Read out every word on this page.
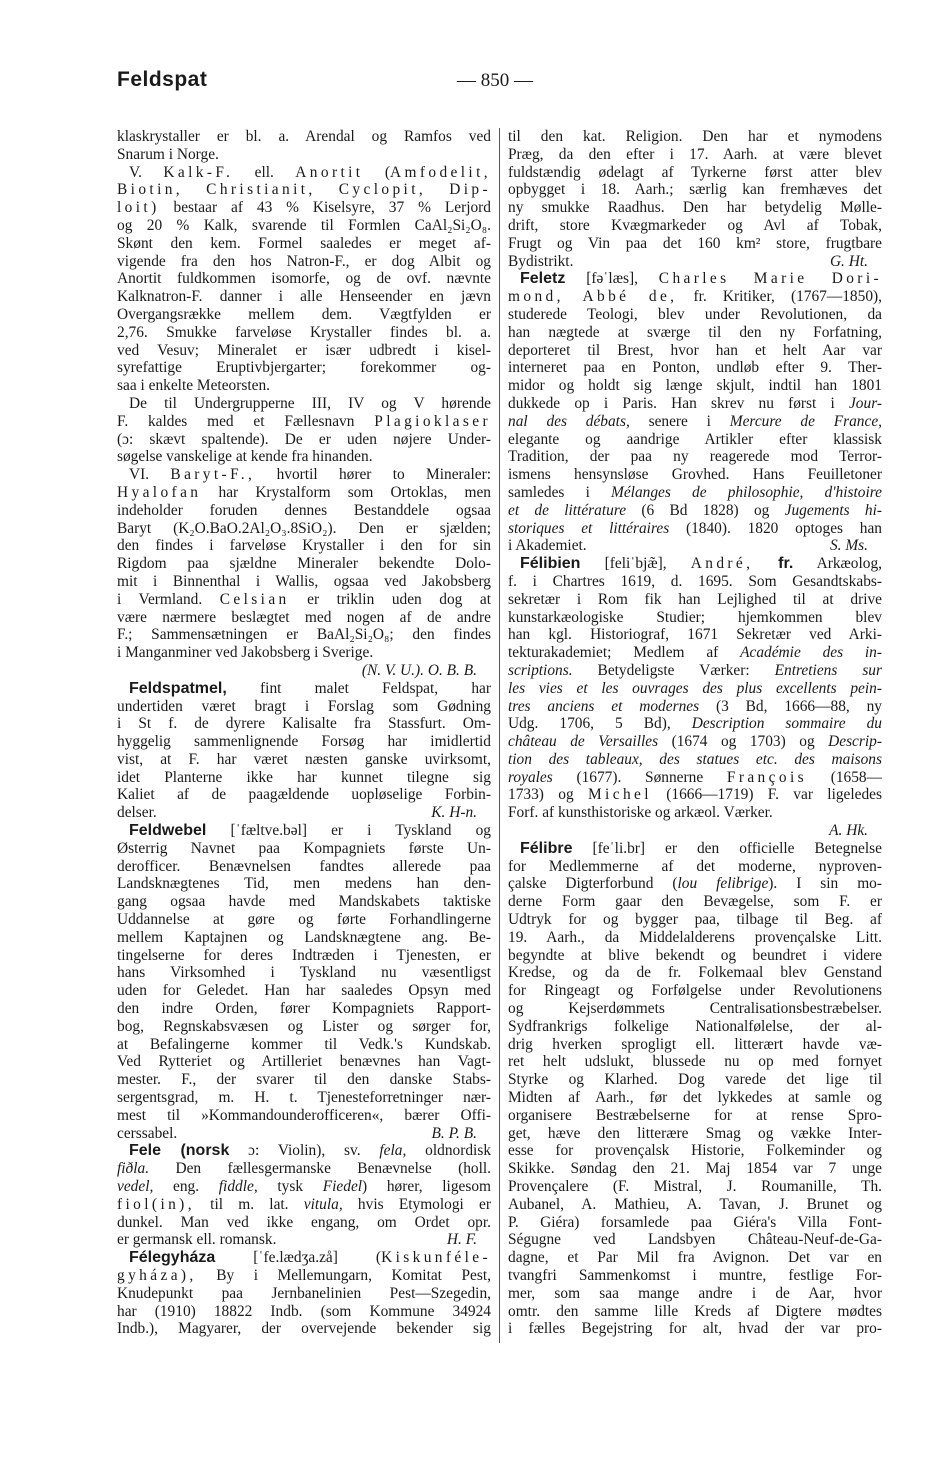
Feldspat	— 850 —
klaskrystaller er bl. a. Arendal og Ramfos ved
Snarum i Norge.
V. Kalk-F. ell. Anortit (Amfodelit,
Biotin, Christianit, Cyclopit, Dip-
loit) bestaar af 43 % Kiselsyre, 37 % Lerjord
og 20 % Kalk, svarende til Formlen CaAl₂Si₂O₈.
Skønt den kem. Formel saaledes er meget af-
vigende fra den hos Natron-F., er dog Albit og
Anortit fuldkommen isomorfe, og de ovf. nævnte
Kalknatron-F. danner i alle Henseender en jævn
Overgangsrække mellem dem. Vægtfylden er
2,76. Smukke farveløse Krystaller findes bl. a.
ved Vesuv; Mineralet er især udbredt i kisel-
syrefattige Eruptivbjergarter; forekommer og-
saa i enkelte Meteorsten.
De til Undergrupperne III, IV og V hørende
F. kaldes med et Fællesnavn Plagioklaser
(ɔ: skævt spaltende). De er uden nøjere Under-
søgelse vanskelige at kende fra hinanden.
VI. Baryt-F., hvortil hører to Mineraler:
Hyalofan har Krystalform som Ortoklas, men
indeholder foruden dennes Bestanddele ogsaa
Baryt (K₂O.BaO.2Al₂O₃.8SiO₂). Den er sjælden;
den findes i farveløse Krystaller i den for sin
Rigdom paa sjældne Mineraler bekendte Dolo-
mit i Binnenthal i Wallis, ogsaa ved Jakobsberg
i Vermland. Celsian er triklin uden dog at
være nærmere beslægtet med nogen af de andre
F.; Sammensætningen er BaAl₂Si₂O₈; den findes
i Manganminer ved Jakobsberg i Sverige.
(N. V. U.). O. B. B.
Feldspatmel, fint malet Feldspat, har
undertiden været bragt i Forslag som Gødning
i St f. de dyrere Kalisalte fra Stassfurt. Om-
hyggelig sammenlignende Forsøg har imidlertid
vist, at F. har været næsten ganske uvirksomt,
idet Planterne ikke har kunnet tilegne sig
Kaliet af de paagældende uopløselige Forbin-
K. H-n.
delser.
Feldwebel [ˈfæltve.bəl] er i Tyskland og
Østerrig Navnet paa Kompagniets første Un-
derofficer. Benævnelsen fandtes allerede paa
Landsknægtenes Tid, men medens han den-
gang ogsaa havde med Mandskabets taktiske
Uddannelse at gøre og førte Forhandlingerne
mellem Kaptajnen og Landsknægtene ang. Be-
tingelserne for deres Indtræden i Tjenesten, er
hans Virksomhed i Tyskland nu væsentligst
uden for Geledet. Han har saaledes Opsyn med
den indre Orden, fører Kompagniets Rapport-
bog, Regnskabsvæsen og Lister og sørger for,
at Befalingerne kommer til Vedk.'s Kundskab.
Ved Rytteriet og Artilleriet benævnes han Vagt-
mester. F., der svarer til den danske Stabs-
sergentsgrad, m. H. t. Tjenesteforretninger nær-
mest til »Kommandounderofficeren«, bærer Offi-
B. P. B.
cerssabel.
Fele (norsk ɔ: Violin), sv. fela, oldnordisk
fiðla. Den fællesgermanske Benævnelse (holl.
vedel, eng. fiddle, tysk Fiedel) hører, ligesom
fiol(in), til m. lat. vitula, hvis Etymologi er
dunkel. Man ved ikke engang, om Ordet opr.
H. F.
er germansk ell. romansk.
Félegyháza [ˈfe.lædʒa.zå] (Kiskunféle-
gyháza), By i Mellemungarn, Komitat Pest,
Knudepunkt paa Jernbanelinien Pest—Szegedin,
har (1910) 18822 Indb. (som Kommune 34924
Indb.), Magyarer, der overvejende bekender sig
til den kat. Religion. Den har et nymodens
Præg, da den efter i 17. Aarh. at være blevet
fuldstændig ødelagt af Tyrkerne først atter blev
opbygget i 18. Aarh.; særlig kan fremhæves det
ny smukke Raadhus. Den har betydelig Mølle-
drift, store Kvægmarkeder og Avl af Tobak,
Frugt og Vin paa det 160 km² store, frugtbare
G. Ht.
Bydistrikt.
Feletz [fəˈlæs], Charles Marie Dori-
mond, Abbé de, fr. Kritiker, (1767—1850),
studerede Teologi, blev under Revolutionen, da
han nægtede at sværge til den ny Forfatning,
deporteret til Brest, hvor han et helt Aar var
interneret paa en Ponton, undløb efter 9. Ther-
midor og holdt sig længe skjult, indtil han 1801
dukkede op i Paris. Han skrev nu først i Jour-
nal des débats, senere i Mercure de France,
elegante og aandrige Artikler efter klassisk
Tradition, der paa ny reagerede mod Terror-
ismens hensynsløse Grovhed. Hans Feuilletoner
samledes i Mélanges de philosophie, d'histoire
et de littérature (6 Bd 1828) og Jugements hi-
storiques et littéraires (1840). 1820 optoges han
S. Ms.
i Akademiet.
Félibien [feliˈbjæ̃], André, fr. Arkæolog,
f. i Chartres 1619, d. 1695. Som Gesandtskabs-
sekretær i Rom fik han Lejlighed til at drive
kunstarkæologiske Studier; hjemkommen blev
han kgl. Historiograf, 1671 Sekretær ved Arki-
tekturakademiet; Medlem af Académie des in-
scriptions. Betydeligste Værker: Entretiens sur
les vies et les ouvrages des plus excellents pein-
tres anciens et modernes (3 Bd, 1666—88, ny
Udg. 1706, 5 Bd), Description sommaire du
château de Versailles (1674 og 1703) og Descrip-
tion des tableaux, des statues etc. des maisons
royales (1677). Sønnerne François (1658—
1733) og Michel (1666—1719) F. var ligeledes
Forf. af kunsthistoriske og arkæol. Værker.
A. Hk.
Félibre [feˈli.br] er den officielle Betegnelse
for Medlemmerne af det moderne, nyproven-
çalske Digterforbund (lou felibrige). I sin mo-
derne Form gaar den Bevægelse, som F. er
Udtryk for og bygger paa, tilbage til Beg. af
19. Aarh., da Middelalderens provençalske Litt.
begyndte at blive bekendt og beundret i videre
Kredse, og da de fr. Folkemaal blev Genstand
for Ringeagt og Forfølgelse under Revolutionens
og Kejserdømmets Centralisationsbestræbelser.
Sydfrankrigs folkelige Nationalfølelse, der al-
drig hverken sprogligt ell. litterært havde væ-
ret helt udslukt, blussede nu op med fornyet
Styrke og Klarhed. Dog varede det lige til
Midten af Aarh., før det lykkedes at samle og
organisere Bestræbelserne for at rense Spro-
get, hæve den litterære Smag og vække Inter-
esse for provençalsk Historie, Folkeminder og
Skikke. Søndag den 21. Maj 1854 var 7 unge
Provençalere (F. Mistral, J. Roumanille, Th.
Aubanel, A. Mathieu, A. Tavan, J. Brunet og
P. Giéra) forsamlede paa Giéra's Villa Font-
Ségugne ved Landsbyen Château-Neuf-de-Ga-
dagne, et Par Mil fra Avignon. Det var en
tvangfri Sammenkomst i muntre, festlige For-
mer, som saa mange andre i de Aar, hvor
omtr. den samme lille Kreds af Digtere mødtes
i fælles Begejstring for alt, hvad der var pro-
